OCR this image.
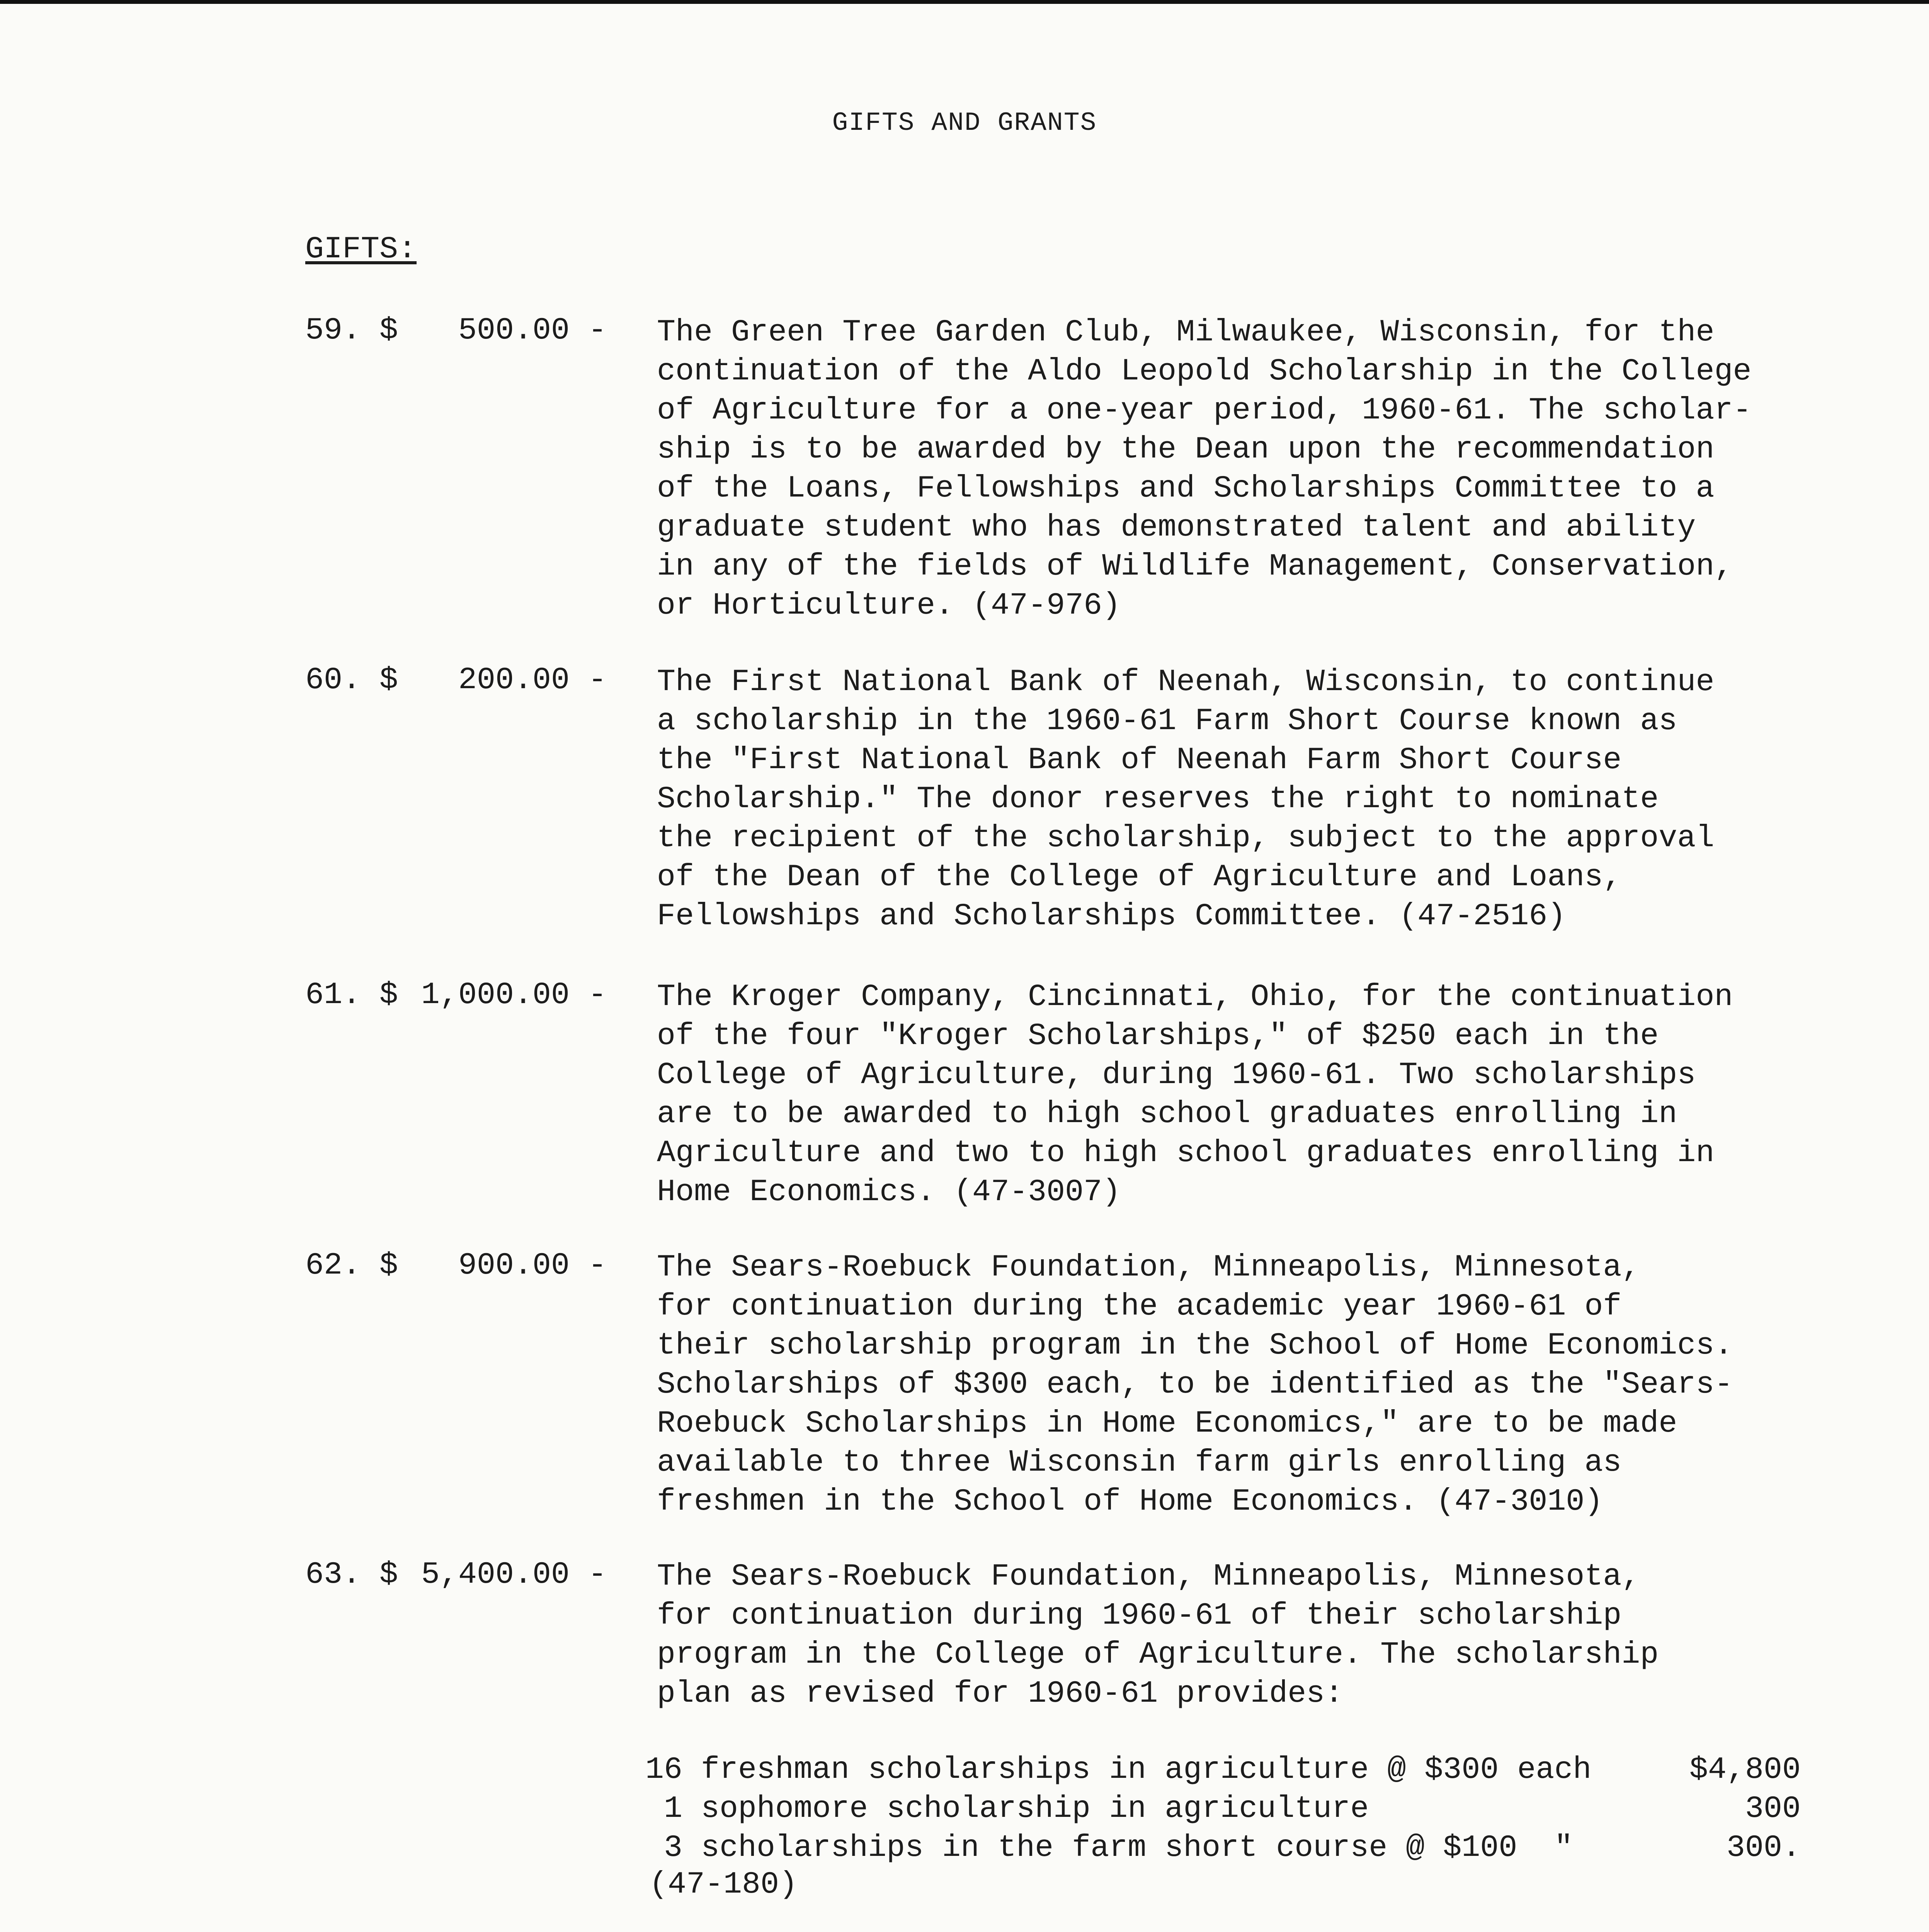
GIFTS AND GRANTS
GIFTS:
59. $	500.00 - The Green Tree Garden Club, Milwaukee, Wisconsin, for the
continuation of the Aldo Leopold Scholarship in the College
of Agriculture for a one-year period, 1960-61. The scholar-
ship is to be awarded by the Dean upon the recommendation
of the Loans, Fellowships and Scholarships Committee to a
graduate student who has demonstrated talent and ability
in any of the fields of Wildlife Management, Conservation,
or Horticulture. (47-976)
60. $	200.00 - The First National Bank of Neenah, Wisconsin, to continue
a scholarship in the 1960-61 Farm Short Course known as
the "First National Bank of Neenah Farm Short Course
Scholarship." The donor reserves the right to nominate
the recipient of the scholarship, subject to the approval
of the Dean of the College of Agriculture and Loans,
Fellowships and Scholarships Committee. (47-2516)
61. $ 1,000.00 - The Kroger Company, Cincinnati, Ohio, for the continuation
of the four "Kroger Scholarships," of $250 each in the
College of Agriculture, during 1960-61. Two scholarships
are to be awarded to high school graduates enrolling in
Agriculture and two to high school graduates enrolling in
Home Economics. (47-3007)
62. $	900.00 - The Sears-Roebuck Foundation, Minneapolis, Minnesota,
for continuation during the academic year 1960-61 of
their scholarship program in the School of Home Economics.
Scholarships of $300 each, to be identified as the "Sears-
Roebuck Scholarships in Home Economics," are to be made
available to three Wisconsin farm girls enrolling as
freshmen in the School of Home Economics. (47-3010)
63. $ 5,400.00 - The Sears-Roebuck Foundation, Minneapolis, Minnesota,
for continuation during 1960-61 of their scholarship
program in the College of Agriculture. The scholarship
plan as revised for 1960-61 provides:
16 freshman scholarships in agriculture @ $300 each	$4,800
1 sophomore scholarship in agriculture	300
3 scholarships in the farm short course @ $100  "	300.
(47-180)
